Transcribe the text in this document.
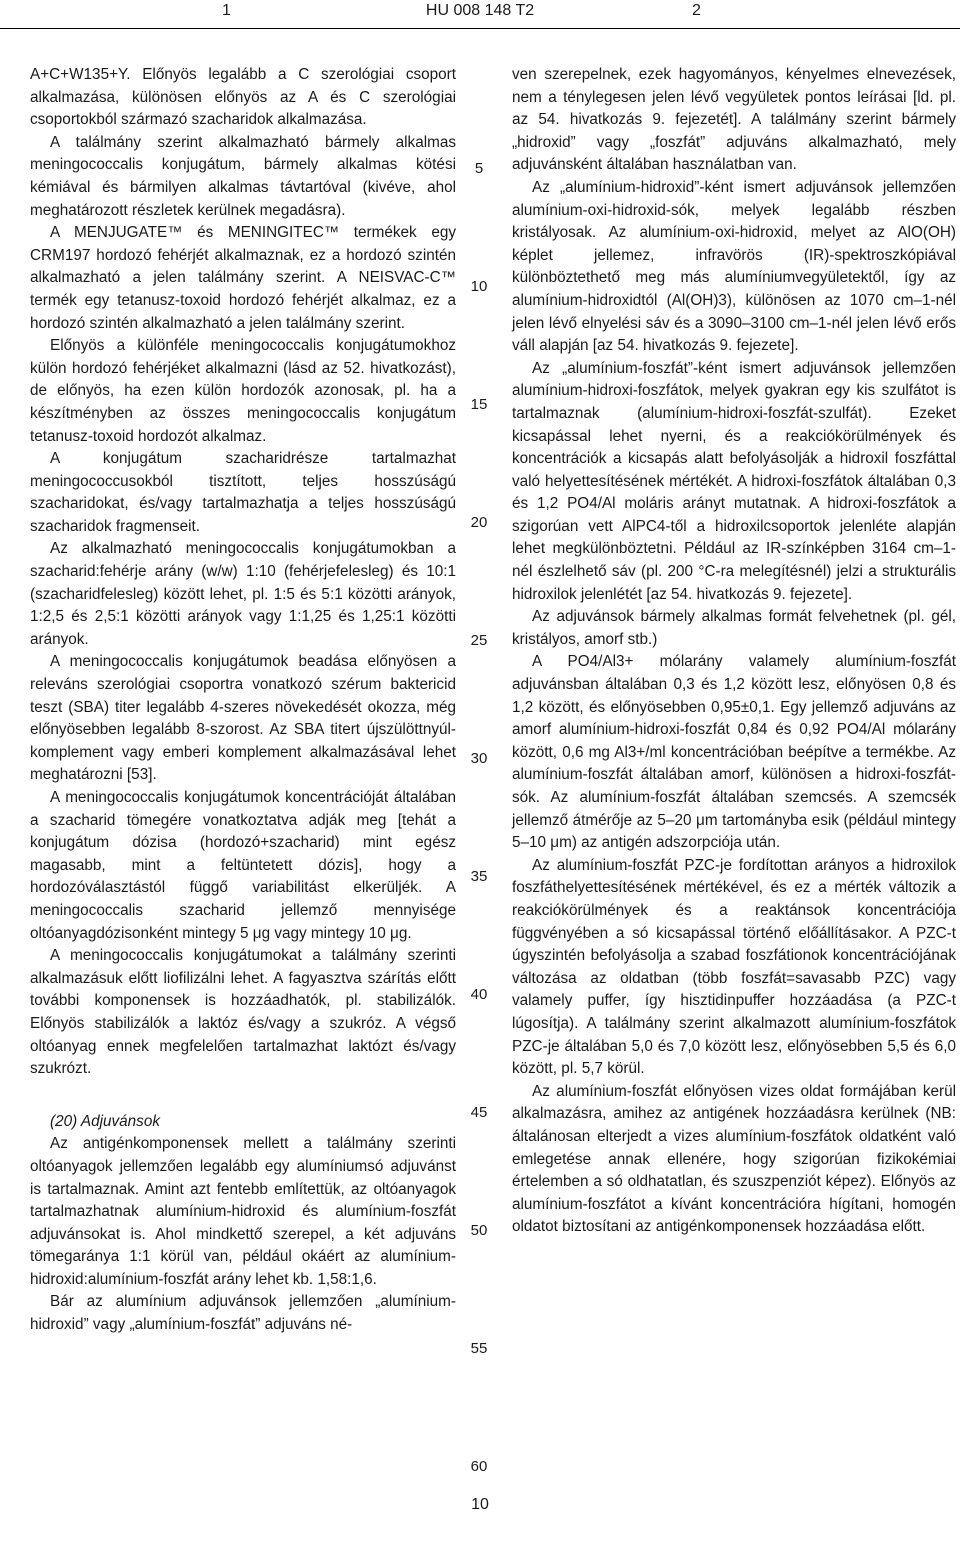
1	HU 008 148 T2	2

A+C+W135+Y. Előnyös legalább a C szerológiai csoport alkalmazása, különösen előnyös az A és C szerológiai csoportokból származó szacharidok alkalmazása.

A találmány szerint alkalmazható bármely alkalmas meningococcalis konjugátum, bármely alkalmas kötési kémiával és bármilyen alkalmas távtartóval (kivéve, ahol meghatározott részletek kerülnek megadásra).

A MENJUGATE™ és MENINGITEC™ termékek egy CRM197 hordozó fehérjét alkalmaznak, ez a hordozó szintén alkalmazható a jelen találmány szerint. A NEISVAC-C™ termék egy tetanusz-toxoid hordozó fehérjét alkalmaz, ez a hordozó szintén alkalmazható a jelen találmány szerint.

Előnyös a különféle meningococcalis konjugátumokhoz külön hordozó fehérjéket alkalmazni (lásd az 52. hivatkozást), de előnyös, ha ezen külön hordozók azonosak, pl. ha a készítményben az összes meningococcalis konjugátum tetanusz-toxoid hordozót alkalmaz.

A konjugátum szacharidrésze tartalmazhat meningococcusokból tisztított, teljes hosszúságú szacharidokat, és/vagy tartalmazhatja a teljes hosszúságú szacharidok fragmenseit.

Az alkalmazható meningococcalis konjugátumokban a szacharid:fehérje arány (w/w) 1:10 (fehérjefelesleg) és 10:1 (szacharidfelesleg) között lehet, pl. 1:5 és 5:1 közötti arányok, 1:2,5 és 2,5:1 közötti arányok vagy 1:1,25 és 1,25:1 közötti arányok.

A meningococcalis konjugátumok beadása előnyösen a releváns szerológiai csoportra vonatkozó szérum baktericid teszt (SBA) titer legalább 4-szeres növekedését okozza, még előnyösebben legalább 8-szorost. Az SBA titert újszülöttnyúl-komplement vagy emberi komplement alkalmazásával lehet meghatározni [53].

A meningococcalis konjugátumok koncentrációját általában a szacharid tömegére vonatkoztatva adják meg [tehát a konjugátum dózisa (hordozó+szacharid) mint egész magasabb, mint a feltüntetett dózis], hogy a hordozóválasztástól függő variabilitást elkerüljék. A meningococcalis szacharid jellemző mennyisége oltóanyagdózisonként mintegy 5 μg vagy mintegy 10 μg.

A meningococcalis konjugátumokat a találmány szerinti alkalmazásuk előtt liofilizálni lehet. A fagyasztva szárítás előtt további komponensek is hozzáadhatók, pl. stabilizálók. Előnyös stabilizálók a laktóz és/vagy a szukróz. A végső oltóanyag ennek megfelelően tartalmazhat laktózt és/vagy szukrózt.

(20) Adjuvánsok

Az antigénkomponensek mellett a találmány szerinti oltóanyagok jellemzően legalább egy alumíniumsó adjuvánst is tartalmaznak. Amint azt fentebb említettük, az oltóanyagok tartalmazhatnak alumínium-hidroxid és alumínium-foszfát adjuvánsokat is. Ahol mindkettő szerepel, a két adjuváns tömegaránya 1:1 körül van, például okáért az alumínium-hidroxid:alumínium-foszfát arány lehet kb. 1,58:1,6.

Bár az alumínium adjuvánsok jellemzően „alumínium-hidroxid” vagy „alumínium-foszfát” adjuváns né-

ven szerepelnek, ezek hagyományos, kényelmes elnevezések, nem a ténylegesen jelen lévő vegyületek pontos leírásai [ld. pl. az 54. hivatkozás 9. fejezetét]. A találmány szerint bármely „hidroxid” vagy „foszfát” adjuváns alkalmazható, mely adjuvánsként általában használatban van.

Az „alumínium-hidroxid”-ként ismert adjuvánsok jellemzően alumínium-oxi-hidroxid-sók, melyek legalább részben kristályosak. Az alumínium-oxi-hidroxid, melyet az AlO(OH) képlet jellemez, infravörös (IR)-spektroszkópiával különböztethető meg más alumíniumvegyületektől, így az alumínium-hidroxidtól (Al(OH)3), különösen az 1070 cm–1-nél jelen lévő elnyelési sáv és a 3090–3100 cm–1-nél jelen lévő erős váll alapján [az 54. hivatkozás 9. fejezete].

Az „alumínium-foszfát”-ként ismert adjuvánsok jellemzően alumínium-hidroxi-foszfátok, melyek gyakran egy kis szulfátot is tartalmaznak (alumínium-hidroxi-foszfát-szulfát). Ezeket kicsapással lehet nyerni, és a reakciókörülmények és koncentrációk a kicsapás alatt befolyásolják a hidroxil foszfáttal való helyettesítésének mértékét. A hidroxi-foszfátok általában 0,3 és 1,2 PO4/Al moláris arányt mutatnak. A hidroxi-foszfátok a szigorúan vett AlPC4-től a hidroxilcsoportok jelenléte alapján lehet megkülönböztetni. Például az IR-színképben 3164 cm–1-nél észlelhető sáv (pl. 200 °C-ra melegítésnél) jelzi a strukturális hidroxilok jelenlétét [az 54. hivatkozás 9. fejezete].

Az adjuvánsok bármely alkalmas formát felvehetnek (pl. gél, kristályos, amorf stb.)

A PO4/Al3+ mólarány valamely alumínium-foszfát adjuvánsban általában 0,3 és 1,2 között lesz, előnyösen 0,8 és 1,2 között, és előnyösebben 0,95±0,1. Egy jellemző adjuváns az amorf alumínium-hidroxi-foszfát 0,84 és 0,92 PO4/Al mólarány között, 0,6 mg Al3+/ml koncentrációban beépítve a termékbe. Az alumínium-foszfát általában amorf, különösen a hidroxi-foszfát-sók. Az alumínium-foszfát általában szemcsés. A szemcsék jellemző átmérője az 5–20 μm tartományba esik (például mintegy 5–10 μm) az antigén adszorpciója után.

Az alumínium-foszfát PZC-je fordítottan arányos a hidroxilok foszfáthelyettesítésének mértékével, és ez a mérték változik a reakciókörülmények és a reaktánsok koncentrációja függvényében a só kicsapással történő előállításakor. A PZC-t úgyszintén befolyásolja a szabad foszfátionok koncentrációjának változása az oldatban (több foszfát=savasabb PZC) vagy valamely puffer, így hisztidinpuffer hozzáadása (a PZC-t lúgosítja). A találmány szerint alkalmazott alumínium-foszfátok PZC-je általában 5,0 és 7,0 között lesz, előnyösebben 5,5 és 6,0 között, pl. 5,7 körül.

Az alumínium-foszfát előnyösen vizes oldat formájában kerül alkalmazásra, amihez az antigének hozzáadásra kerülnek (NB: általánosan elterjedt a vizes alumínium-foszfátok oldatként való emlegetése annak ellenére, hogy szigorúan fizikokémiai értelemben a só oldhatatlan, és szuszpenziót képez). Előnyös az alumínium-foszfátot a kívánt koncentrációra hígítani, homogén oldatot biztosítani az antigénkomponensek hozzáadása előtt.

5
10
15
20
25
30
35
40
45
50
55
60
10
